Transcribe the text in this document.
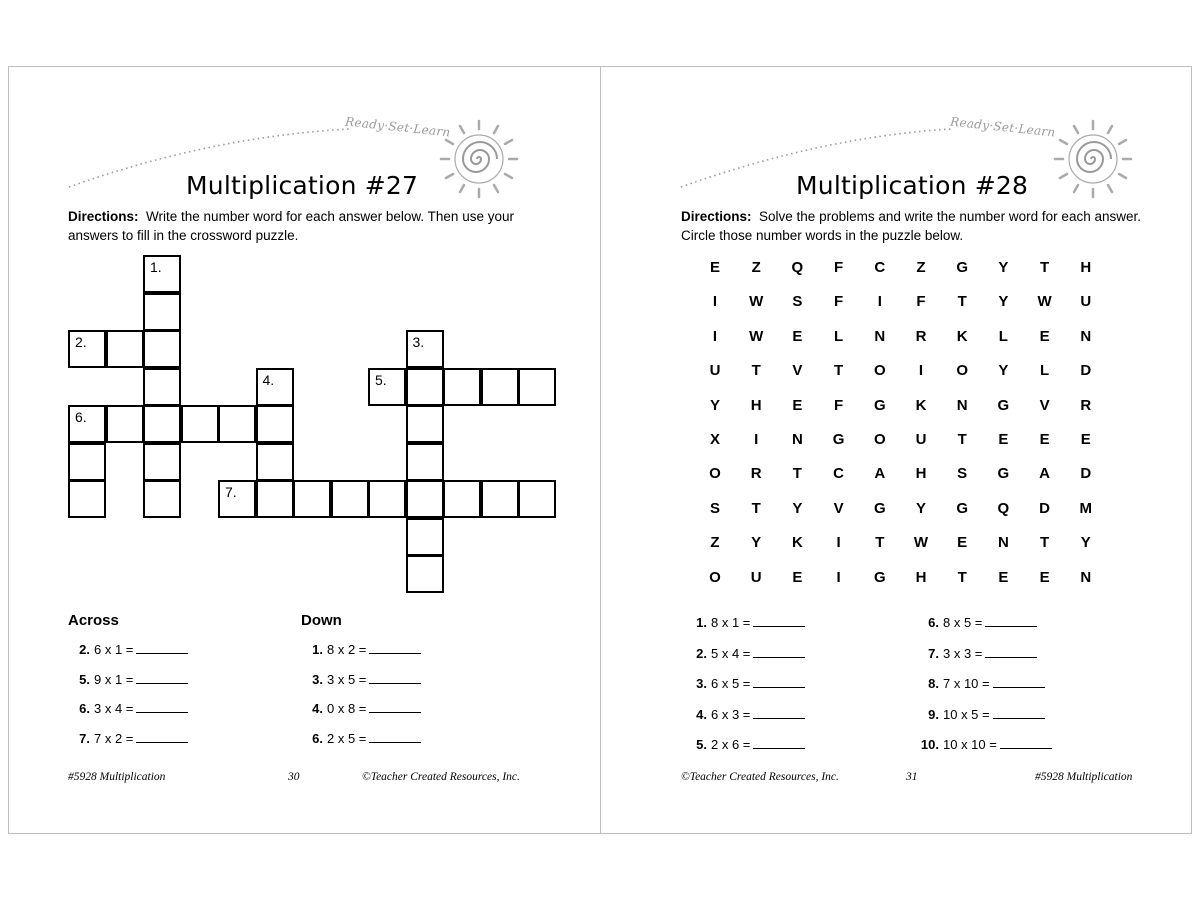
Ready·Set·Learn
Multiplication #27
Directions: Write the number word for each answer below. Then use your answers to fill in the crossword puzzle.
1.
2.
6.
4.
3.
7.
5.
Across	Down
2. 6 x 1 =
5. 9 x 1 =
6. 3 x 4 =
7. 7 x 2 =
1. 8 x 2 =
3. 3 x 5 =
4. 0 x 8 =
6. 2 x 5 =
#5928 Multiplication	30	©Teacher Created Resources, Inc.
Ready·Set·Learn
Multiplication #28
Directions: Solve the problems and write the number word for each answer. Circle those number words in the puzzle below.
E	Z	Q	F	C	Z	G	Y	T	H
I	W	S	F	I	F	T	Y	W	U
I	W	E	L	N	R	K	L	E	N
U	T	V	T	O	I	O	Y	L	D
Y	H	E	F	G	K	N	G	V	R
X	I	N	G	O	U	T	E	E	E
O	R	T	C	A	H	S	G	A	D
S	T	Y	V	G	Y	G	Q	D	M
Z	Y	K	I	T	W	E	N	T	Y
O	U	E	I	G	H	T	E	E	N
1. 8 x 1 =
2. 5 x 4 =
3. 6 x 5 =
4. 6 x 3 =
5. 2 x 6 =
6. 8 x 5 =
7. 3 x 3 =
8. 7 x 10 =
9. 10 x 5 =
10. 10 x 10 =
©Teacher Created Resources, Inc.	31	#5928 Multiplication
